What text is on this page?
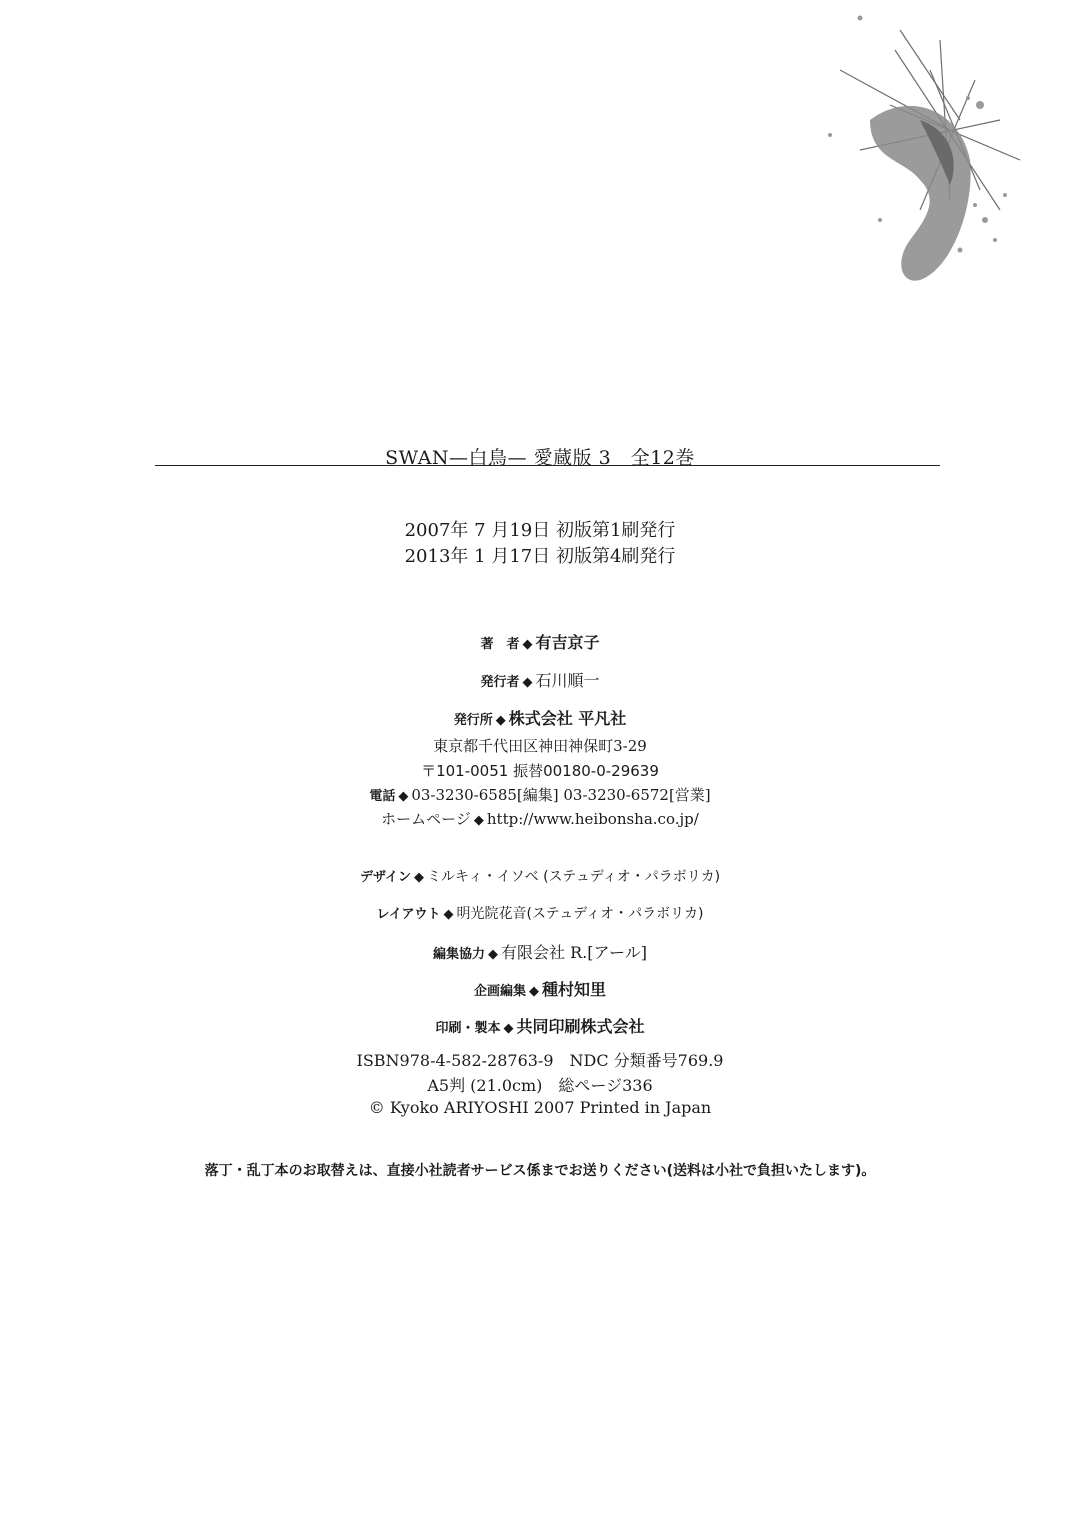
SWAN—白鳥— 愛蔵版 3　全12巻
2007年 7 月19日 初版第1刷発行
2013年 1 月17日 初版第4刷発行
著　者 ◆ 有吉京子
発行者 ◆ 石川順一
発行所 ◆ 株式会社 平凡社
東京都千代田区神田神保町3-29
〒101-0051 振替00180-0-29639
電話 ◆ 03-3230-6585[編集] 03-3230-6572[営業]
ホームページ ◆ http://www.heibonsha.co.jp/
デザイン ◆ ミルキィ・イソベ (ステュディオ・パラボリカ)
レイアウト ◆ 明光院花音(ステュディオ・パラボリカ)
編集協力 ◆ 有限会社 R.[アール]
企画編集 ◆ 種村知里
印刷・製本 ◆ 共同印刷株式会社
ISBN978-4-582-28763-9　NDC 分類番号769.9
A5判 (21.0cm)　総ページ336
© Kyoko ARIYOSHI 2007 Printed in Japan
落丁・乱丁本のお取替えは、直接小社読者サービス係までお送りください(送料は小社で負担いたします)。
